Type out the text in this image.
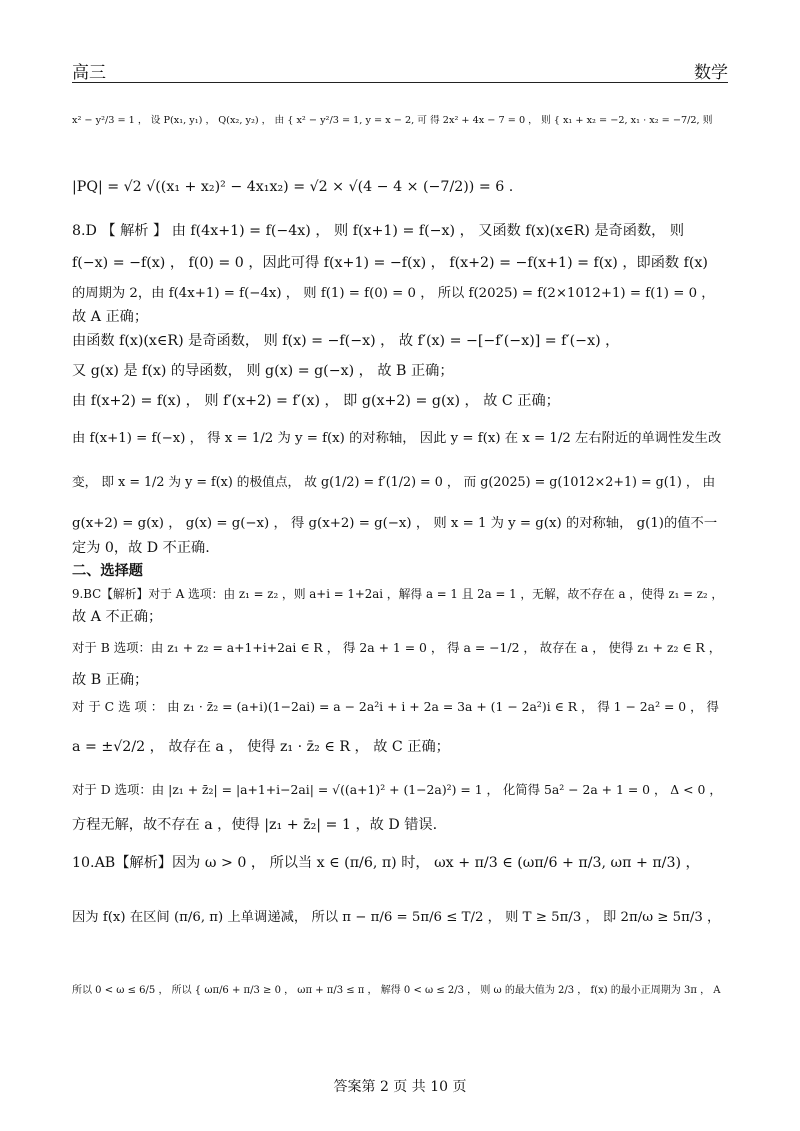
高三	数学
x² − y²/3 = 1 ， 设 P(x₁, y₁) ， Q(x₂, y₂) ， 由 { x² − y²/3 = 1, y = x − 2, 可 得 2x² + 4x − 7 = 0 ， 则 { x₁ + x₂ = −2, x₁ · x₂ = −7/2, 则
|PQ| = √2 √((x₁ + x₂)² − 4x₁x₂) = √2 × √(4 − 4 × (−7/2)) = 6 .
8.D 【 解析 】 由 f(4x+1) = f(−4x) ， 则 f(x+1) = f(−x) ， 又函数 f(x)(x∈R) 是奇函数， 则
f(−x) = −f(x) ， f(0) = 0 ，因此可得 f(x+1) = −f(x) ， f(x+2) = −f(x+1) = f(x) ，即函数 f(x)
的周期为 2，由 f(4x+1) = f(−4x) ， 则 f(1) = f(0) = 0 ， 所以 f(2025) = f(2×1012+1) = f(1) = 0 ，
故 A 正确；
由函数 f(x)(x∈R) 是奇函数， 则 f(x) = −f(−x) ， 故 f′(x) = −[−f′(−x)] = f′(−x) ，
又 g(x) 是 f(x) 的导函数， 则 g(x) = g(−x) ， 故 B 正确；
由 f(x+2) = f(x) ， 则 f′(x+2) = f′(x) ， 即 g(x+2) = g(x) ， 故 C 正确；
由 f(x+1) = f(−x) ， 得 x = 1/2 为 y = f(x) 的对称轴， 因此 y = f(x) 在 x = 1/2 左右附近的单调性发生改
变， 即 x = 1/2 为 y = f(x) 的极值点， 故 g(1/2) = f′(1/2) = 0 ， 而 g(2025) = g(1012×2+1) = g(1) ， 由
g(x+2) = g(x) ， g(x) = g(−x) ， 得 g(x+2) = g(−x) ， 则 x = 1 为 y = g(x) 的对称轴， g(1)的值不一
定为 0，故 D 不正确.
二、选择题
9.BC【解析】对于 A 选项：由 z₁ = z₂ ，则 a+i = 1+2ai ，解得 a = 1 且 2a = 1 ，无解，故不存在 a ，使得 z₁ = z₂ ，
故 A 不正确；
对于 B 选项：由 z₁ + z₂ = a+1+i+2ai ∈ R ， 得 2a + 1 = 0 ， 得 a = −1/2 ， 故存在 a ， 使得 z₁ + z₂ ∈ R ，
故 B 正确；
对 于 C 选 项 ： 由 z₁ · z̄₂ = (a+i)(1−2ai) = a − 2a²i + i + 2a = 3a + (1 − 2a²)i ∈ R ， 得 1 − 2a² = 0 ， 得
a = ±√2/2 ， 故存在 a ， 使得 z₁ · z̄₂ ∈ R ， 故 C 正确；
对于 D 选项：由 |z₁ + z̄₂| = |a+1+i−2ai| = √((a+1)² + (1−2a)²) = 1 ， 化简得 5a² − 2a + 1 = 0 ， Δ < 0 ，
方程无解，故不存在 a ，使得 |z₁ + z̄₂| = 1 ，故 D 错误.
10.AB【解析】因为 ω > 0 ， 所以当 x ∈ (π/6, π) 时， ωx + π/3 ∈ (ωπ/6 + π/3, ωπ + π/3) ，
因为 f(x) 在区间 (π/6, π) 上单调递减， 所以 π − π/6 = 5π/6 ≤ T/2 ， 则 T ≥ 5π/3 ， 即 2π/ω ≥ 5π/3 ，
所以 0 < ω ≤ 6/5 ， 所以 { ωπ/6 + π/3 ≥ 0 ， ωπ + π/3 ≤ π ， 解得 0 < ω ≤ 2/3 ， 则 ω 的最大值为 2/3 ， f(x) 的最小正周期为 3π ， A
答案第 2 页 共 10 页
